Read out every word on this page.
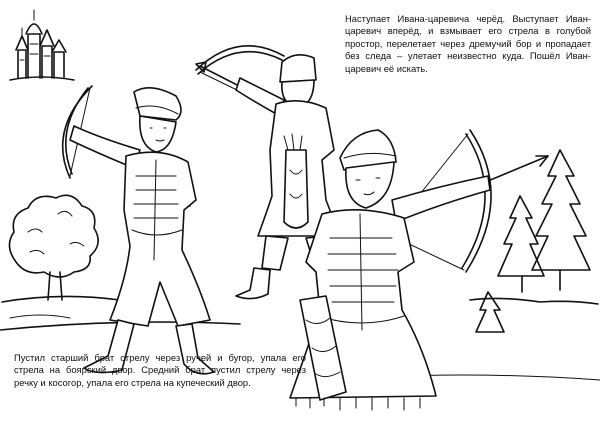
Наступает Ивана-царевича черёд. Выступает Иван-царевич вперёд, и взмывает его стрела в голубой простор, перелетает через дремучий бор и пропадает без следа – улетает неизвестно куда. Пошёл Иван-царевич её искать.
Пустил старший брат стрелу через ручей и бугор, упала его стрела на боярский двор. Средний брат пустил стрелу через речку и косогор, упала его стрела на купеческий двор.
